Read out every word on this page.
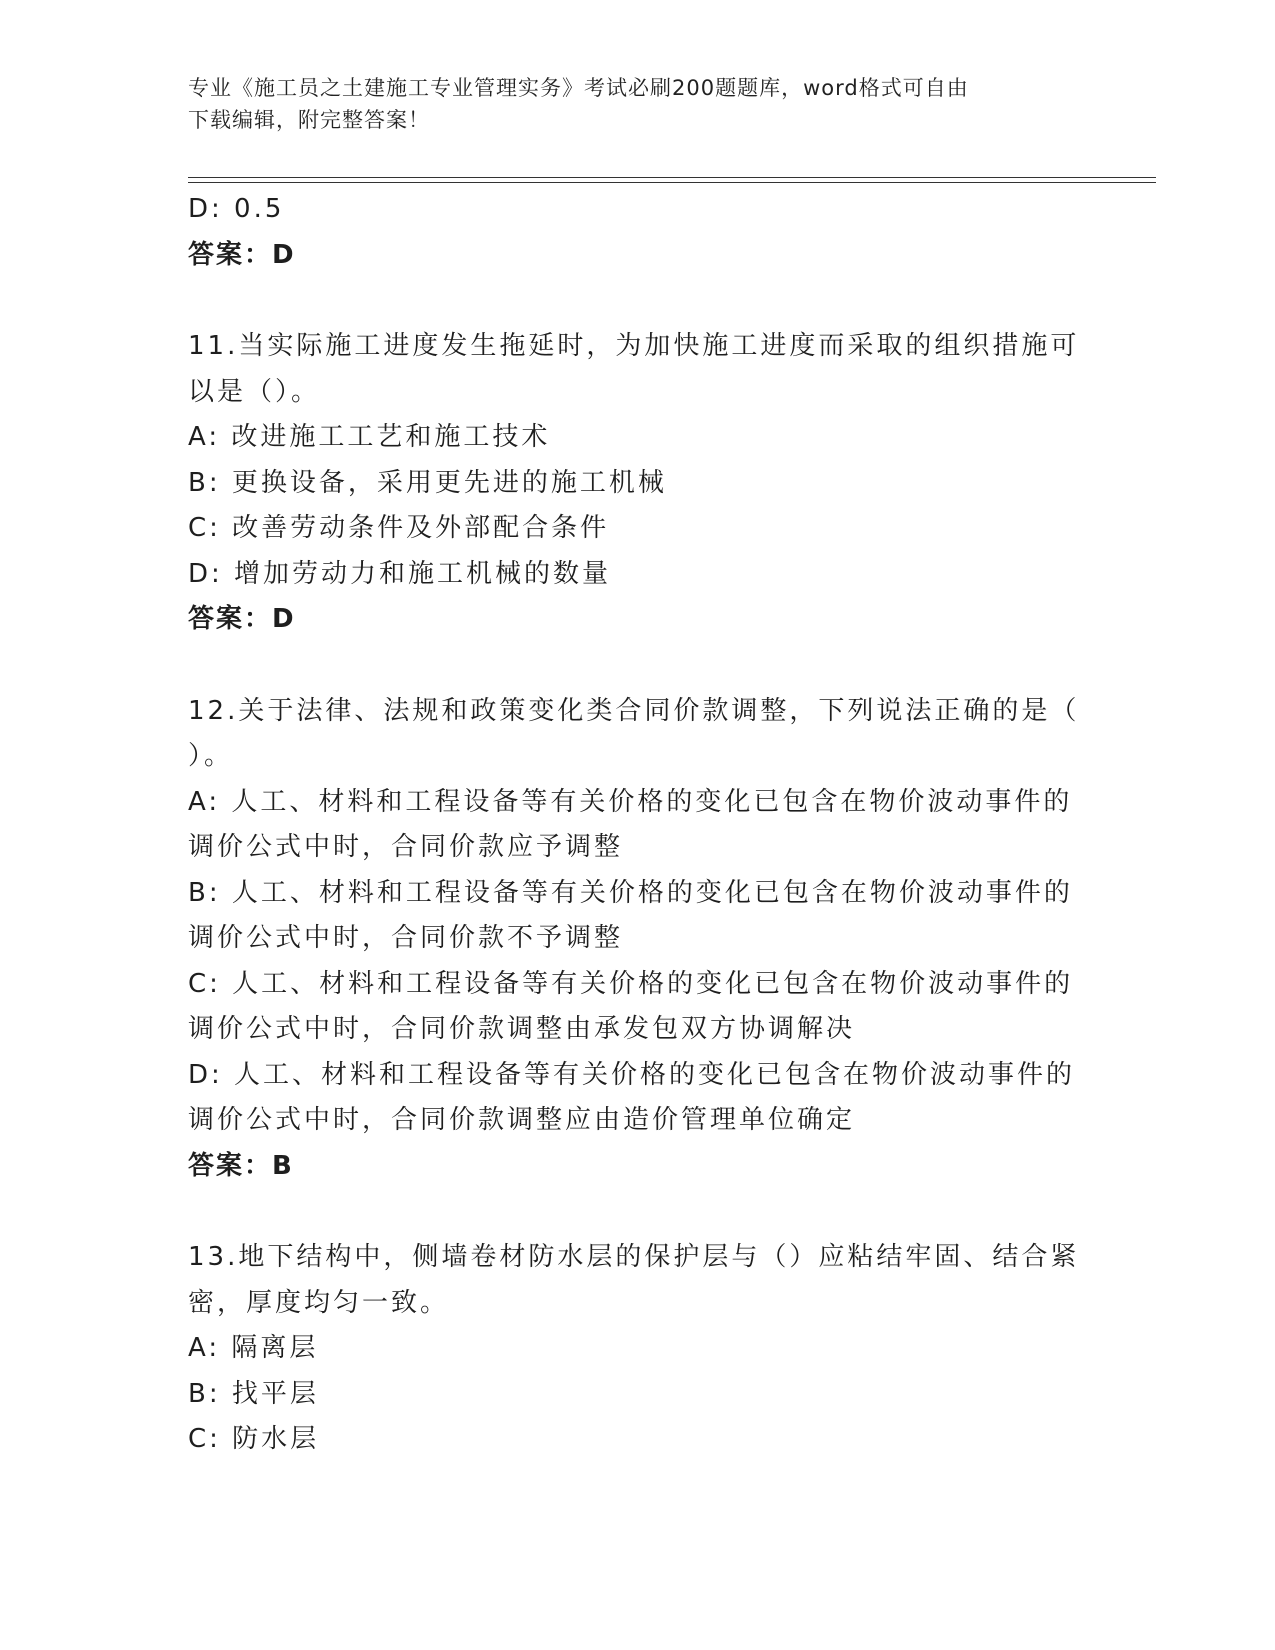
专业《施工员之土建施工专业管理实务》考试必刷200题题库，word格式可自由
下载编辑，附完整答案！
D: 0.5
答案：D
11.当实际施工进度发生拖延时，为加快施工进度而采取的组织措施可
以是（）。
A: 改进施工工艺和施工技术
B: 更换设备，采用更先进的施工机械
C: 改善劳动条件及外部配合条件
D: 增加劳动力和施工机械的数量
答案：D
12.关于法律、法规和政策变化类合同价款调整，下列说法正确的是（
）。
A: 人工、材料和工程设备等有关价格的变化已包含在物价波动事件的
调价公式中时，合同价款应予调整
B: 人工、材料和工程设备等有关价格的变化已包含在物价波动事件的
调价公式中时，合同价款不予调整
C: 人工、材料和工程设备等有关价格的变化已包含在物价波动事件的
调价公式中时，合同价款调整由承发包双方协调解决
D: 人工、材料和工程设备等有关价格的变化已包含在物价波动事件的
调价公式中时，合同价款调整应由造价管理单位确定
答案：B
13.地下结构中，侧墙卷材防水层的保护层与（）应粘结牢固、结合紧
密，厚度均匀一致。
A: 隔离层
B: 找平层
C: 防水层
